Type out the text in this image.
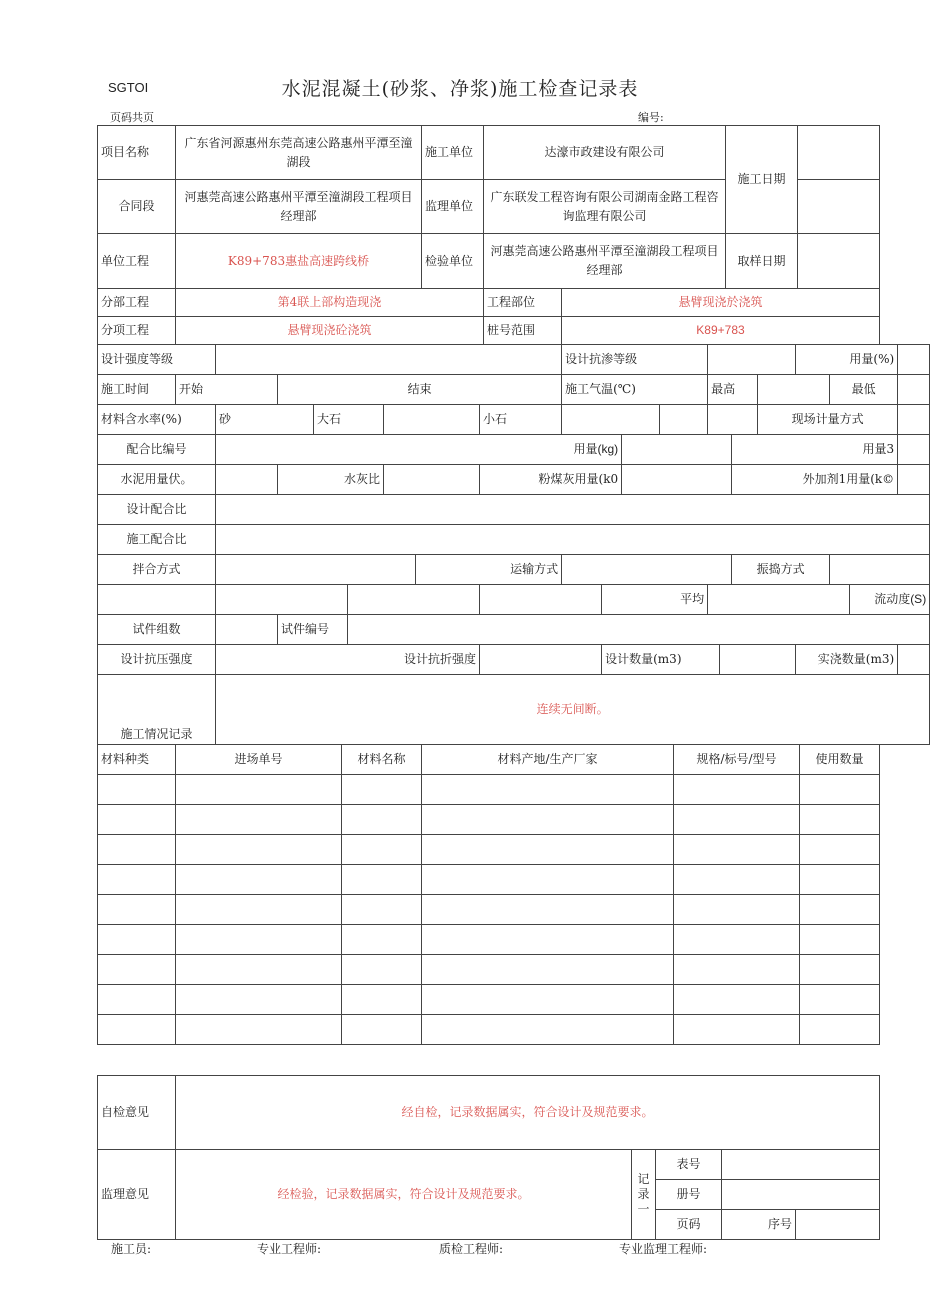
SGTOI	水泥混凝土(砂浆、净浆)施工检查记录表
页码共页	编号:
项目名称	广东省河源惠州东莞高速公路惠州平潭至潼湖段	施工单位	达濠市政建设有限公司	施工日期	
合同段	河惠莞高速公路惠州平潭至潼湖段工程项目经理部	监理单位	广东联发工程咨询有限公司湖南金路工程咨询监理有限公司		
单位工程	K89+783惠盐高速跨线桥	检验单位	河惠莞高速公路惠州平潭至潼湖段工程项目经理部	取样日期	
分部工程	第4联上部构造现浇	工程部位	悬臂现浇於浇筑
分项工程	悬臂现浇砼浇筑	桩号范围	K89+783
设计强度等级									设计抗渗等级								用量(%)			
施工时间	开始		结束						施工气温(℃)				最高					最低		
材料含水率(%)		砂		大石				小石								现场计量方式				
配合比编号		用量(kg)													用量3					
水泥用量伏。			水灰比					粉煤灰用量(k0							外加剂1用量(k©					
设计配合比																				
施工配合比																				
拌合方式							运输方式								振捣方式					
										平均									流动度(S)	
试件组数			试件编号																	
设计抗压强度		设计抗折强度								设计数量(m3)							实浇数量(m3)			
施工情况记录		连续无间断。																		
材料种类	进场单号	材料名称	材料产地/生产厂家	规格/标号/型号	使用数量

自检意见	经自检，记录数据属实，符合设计及规范要求。				
监理意见	经检验，记录数据属实，符合设计及规范要求。	记录一	表号		
			册号		
			页码	序号	
施工员:	专业工程师:	质检工程师:	专业监理工程师:
